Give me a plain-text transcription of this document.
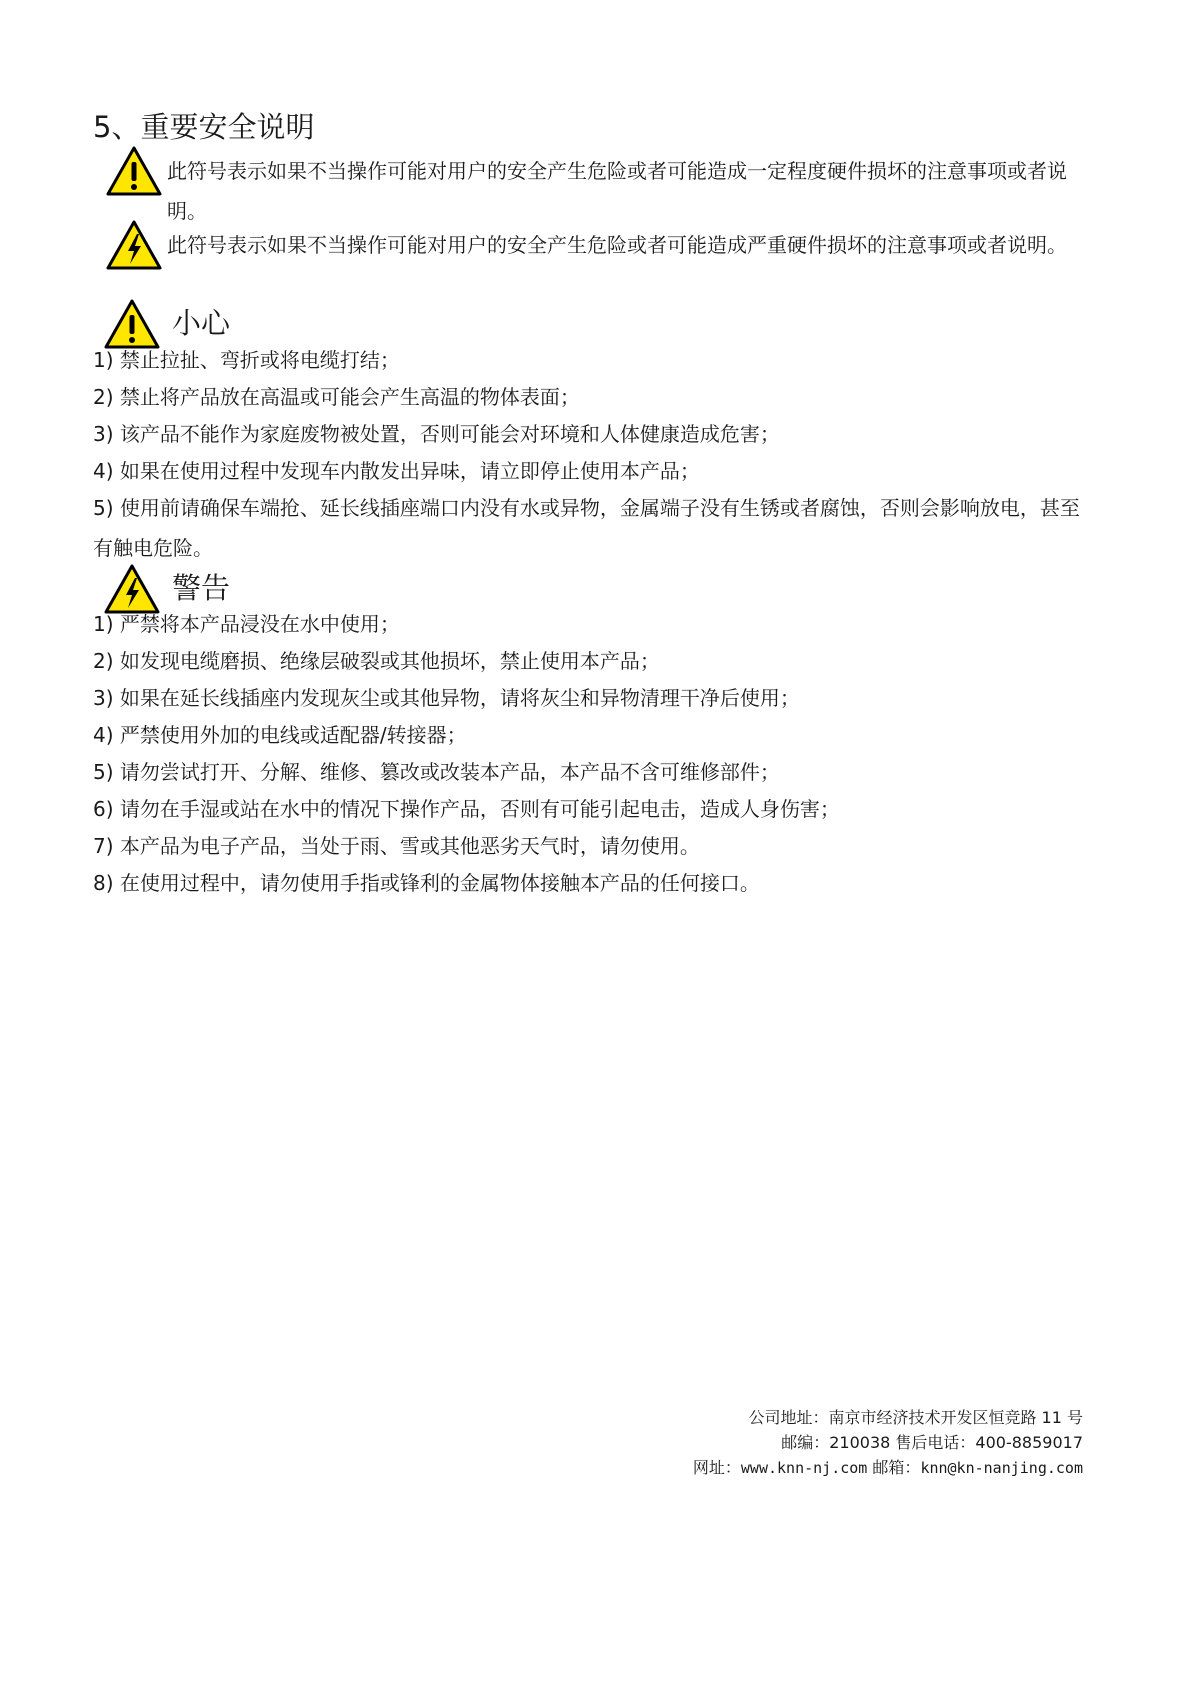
5、重要安全说明
此符号表示如果不当操作可能对用户的安全产生危险或者可能造成一定程度硬件损坏的注意事项或者说明。
此符号表示如果不当操作可能对用户的安全产生危险或者可能造成严重硬件损坏的注意事项或者说明。
小心
1) 禁止拉扯、弯折或将电缆打结；
2) 禁止将产品放在高温或可能会产生高温的物体表面；
3) 该产品不能作为家庭废物被处置，否则可能会对环境和人体健康造成危害；
4) 如果在使用过程中发现车内散发出异味，请立即停止使用本产品；
5) 使用前请确保车端抢、延长线插座端口内没有水或异物，金属端子没有生锈或者腐蚀，否则会影响放电，甚至有触电危险。
警告
1) 严禁将本产品浸没在水中使用；
2) 如发现电缆磨损、绝缘层破裂或其他损坏，禁止使用本产品；
3) 如果在延长线插座内发现灰尘或其他异物，请将灰尘和异物清理干净后使用；
4) 严禁使用外加的电线或适配器/转接器；
5) 请勿尝试打开、分解、维修、篡改或改装本产品，本产品不含可维修部件；
6) 请勿在手湿或站在水中的情况下操作产品，否则有可能引起电击，造成人身伤害；
7) 本产品为电子产品，当处于雨、雪或其他恶劣天气时，请勿使用。
8) 在使用过程中，请勿使用手指或锋利的金属物体接触本产品的任何接口。
公司地址：南京市经济技术开发区恒竞路 11 号
邮编：210038 售后电话：400-8859017
网址：www.knn-nj.com 邮箱：knn@kn-nanjing.com
